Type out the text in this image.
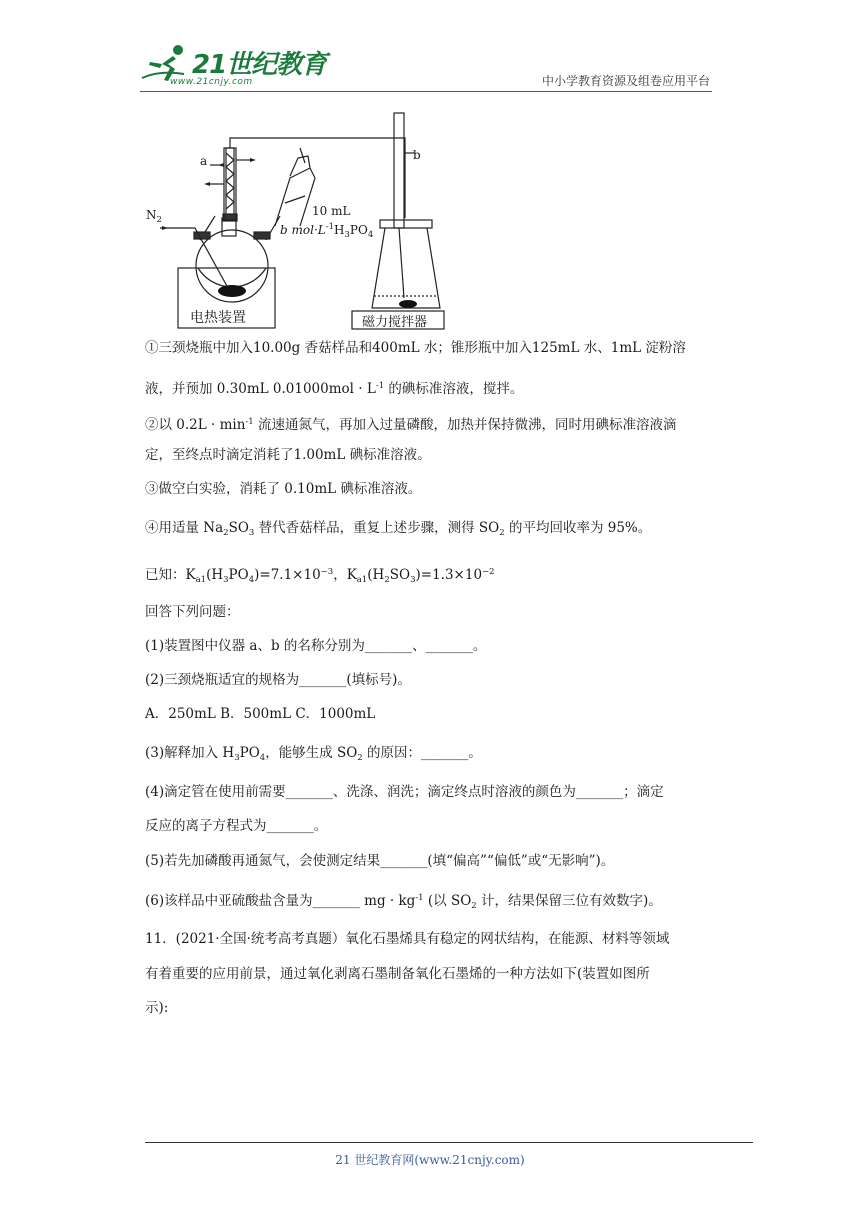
21世纪教育
www.21cnjy.com	中小学教育资源及组卷应用平台
a	b
$N_2$
10 mL
b $mol\cdot L^{-1}H_3PO_4$
电热装置	磁力搅拌器
①三颈烧瓶中加入10.00g 香菇样品和400mL 水；锥形瓶中加入125mL 水、1mL 淀粉溶
液，并预加 0.30mL $0.01000mol \cdot L^{-1}$ 的碘标准溶液，搅拌。
②以 $0.2L \cdot \min^{-1}$ 流速通氮气，再加入过量磷酸，加热并保持微沸，同时用碘标准溶液滴
定，至终点时滴定消耗了1.00mL 碘标准溶液。
③做空白实验，消耗了 0.10mL 碘标准溶液。
④用适量 $Na_2SO_3$ 替代香菇样品，重复上述步骤，测得 $SO_2$ 的平均回收率为 95%。
已知：$K_{a1}(H_3PO_4)=7.1\times 10^{-3}$，$K_{a1}(H_2SO_3)=1.3\times 10^{-2}$
回答下列问题：
(1)装置图中仪器 a、b 的名称分别为_______、_______。
(2)三颈烧瓶适宜的规格为_______(填标号)。
A．250mL B．500mL C．1000mL
(3)解释加入 $H_3PO_4$，能够生成 $SO_2$ 的原因：_______。
(4)滴定管在使用前需要_______、洗涤、润洗；滴定终点时溶液的颜色为_______；滴定
反应的离子方程式为_______。
(5)若先加磷酸再通氮气，会使测定结果_______(填“偏高”“偏低”或“无影响”)。
(6)该样品中亚硫酸盐含量为_______ mg · $kg^{-1}$ (以 $SO_2$ 计，结果保留三位有效数字)。
11．(2021·全国·统考高考真题）氧化石墨烯具有稳定的网状结构，在能源、材料等领域
有着重要的应用前景，通过氧化剥离石墨制备氧化石墨烯的一种方法如下(装置如图所
示):
21 世纪教育网(www.21cnjy.com)
